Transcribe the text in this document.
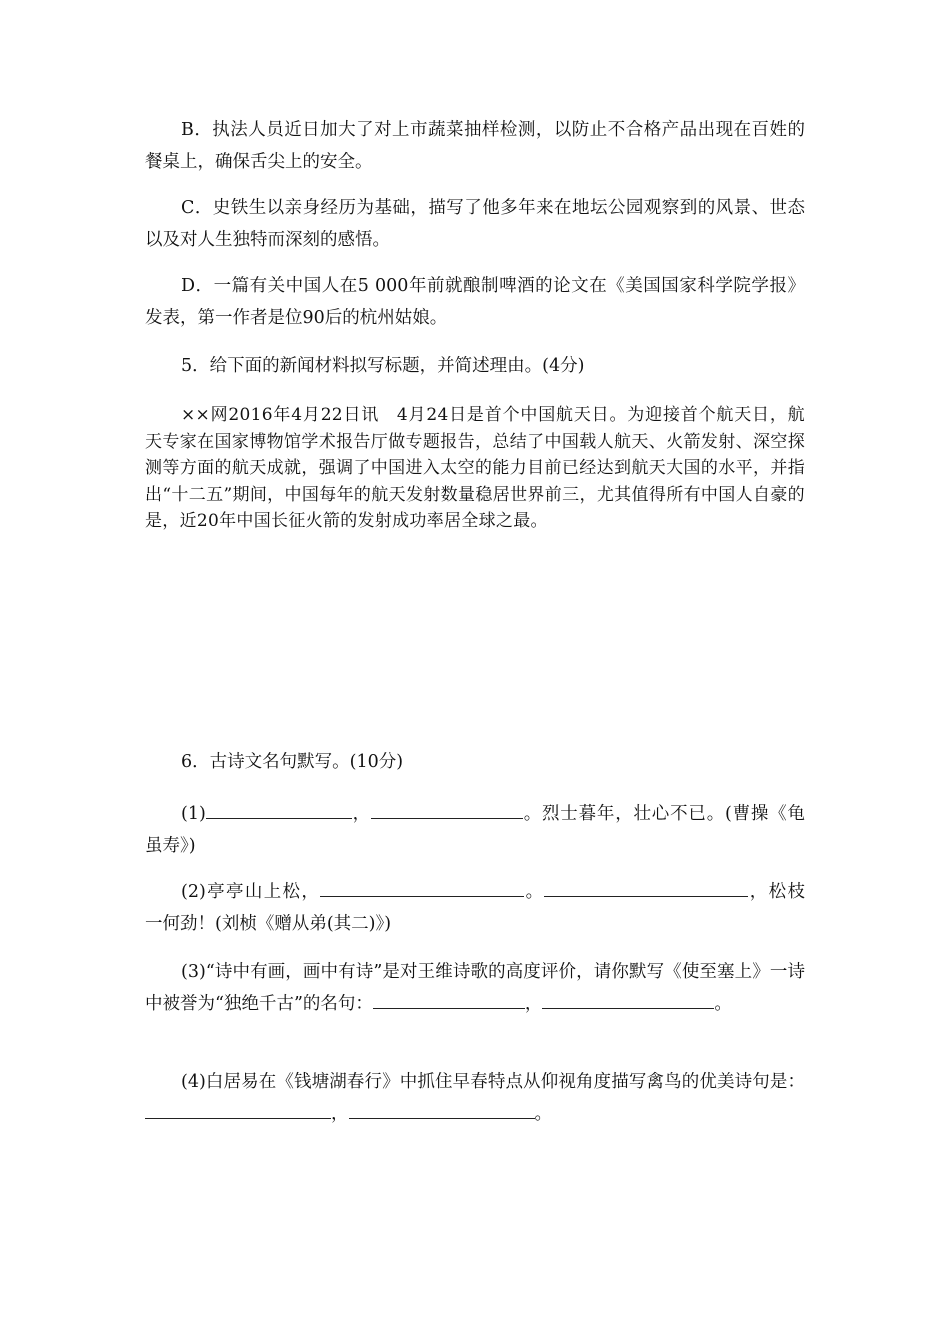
B．执法人员近日加大了对上市蔬菜抽样检测，以防止不合格产品出现在百姓的餐桌上，确保舌尖上的安全。

C．史铁生以亲身经历为基础，描写了他多年来在地坛公园观察到的风景、世态以及对人生独特而深刻的感悟。

D．一篇有关中国人在5 000年前就酿制啤酒的论文在《美国国家科学院学报》发表，第一作者是位90后的杭州姑娘。

5．给下面的新闻材料拟写标题，并简述理由。(4分)

××网2016年4月22日讯　4月24日是首个中国航天日。为迎接首个航天日，航天专家在国家博物馆学术报告厅做专题报告，总结了中国载人航天、火箭发射、深空探测等方面的航天成就，强调了中国进入太空的能力目前已经达到航天大国的水平，并指出“十二五”期间，中国每年的航天发射数量稳居世界前三，尤其值得所有中国人自豪的是，近20年中国长征火箭的发射成功率居全球之最。

6．古诗文名句默写。(10分)

(1)	，	。烈士暮年，壮心不已。(曹操《龟虽寿》)

(2)亭亭山上松，	。	，松枝一何劲！(刘桢《赠从弟(其二)》)

(3)“诗中有画，画中有诗”是对王维诗歌的高度评价，请你默写《使至塞上》一诗中被誉为“独绝千古”的名句：	，	。

(4)白居易在《钱塘湖春行》中抓住早春特点从仰视角度描写禽鸟的优美诗句是：，	。
